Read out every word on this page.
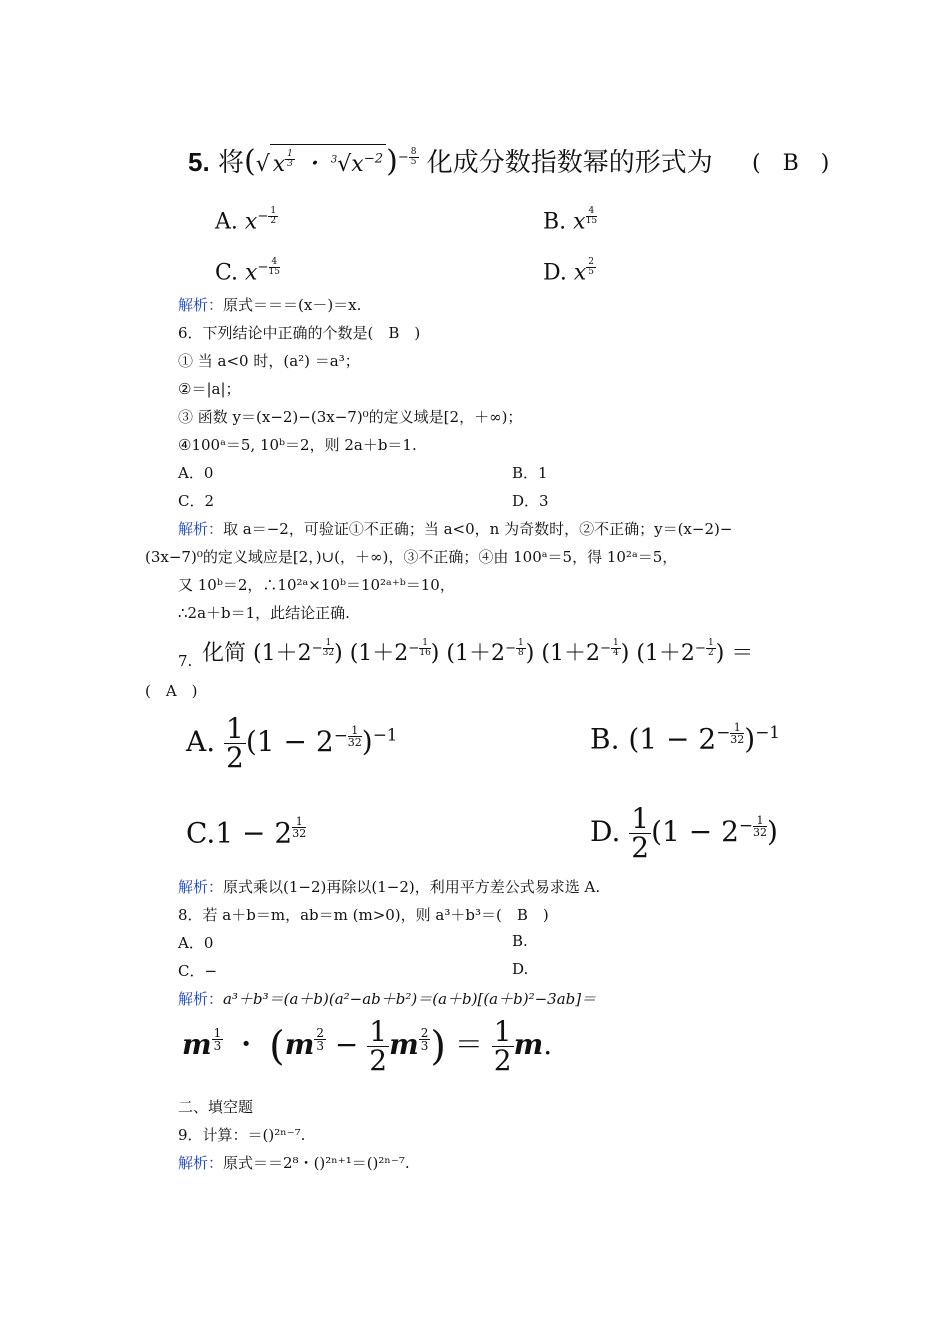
5. 将(√ x $^{\frac{1}{3}}$ ・ $^3√x^{-2}$ )$^{- \frac{8}{5}}$ 化成分数指数幂的形式为 (　B　)
A. $x^{- \frac{1}{2}}$	B. x $^{\frac{4}{15}}$
C. $x^{- \frac{4}{15}}$	D. x $^{\frac{2}{5}}$
解析：原式＝＝＝(x－)＝x.
6．下列结论中正确的个数是(　B　)
① 当 a<0 时，(a²) ＝a³；
②＝|a|；
③ 函数 y＝(x−2)−(3x−7)⁰的定义域是[2，＋∞)；
④100ᵃ＝5, 10ᵇ＝2，则 2a＋b＝1.
A．0	B．1
C．2	D．3
解析：取 a＝−2，可验证①不正确；当 a<0，n 为奇数时，②不正确；y＝(x−2)−
(3x−7)⁰的定义域应是[2，)∪(，＋∞)，③不正确；④由 100ᵃ＝5，得 10²ᵃ＝5，
又 10ᵇ＝2，∴10²ᵃ×10ᵇ＝10²ᵃ⁺ᵇ＝10，
∴2a＋b＝1，此结论正确.
7. 化简 ($1+2^{- \frac{1}{32}}$ ) ($1+2^{- \frac{1}{16}}$ ) ($1+2^{- \frac{1}{8}}$ ) ($1+2^{- \frac{1}{4}}$ ) ($1+2^{- \frac{1}{2}}$ ) ＝
(　A　)
A. $\frac{1}{2} (1 - 2^{- \frac{1}{32}}$ )$^{-1}$	B. ($1 - 2^{- \frac{1}{32}}$ )$^{-1}$
C.1 − 2 $^{\frac{1}{32}}$	D. $\frac{1}{2} (1 - 2^{- \frac{1}{32}}$ )
解析：原式乘以(1−2)再除以(1−2)，利用平方差公式易求选 A.
8．若 a＋b＝m，ab＝m (m>0)，则 a³＋b³＝(　B　)
A．0	B.
C．−	D.
解析：a³＋b³＝(a＋b)(a²−ab＋b²)＝(a＋b)[(a＋b)²−3ab]＝
m $^{\frac{1}{3}}$ ・ (m $^{\frac{2}{3}} - \frac{1}{2}$ m $^{\frac{2}{3}}$ ) ＝ $\frac{1}{2} m$.
二、填空题
9．计算：＝()²ⁿ⁻⁷.
解析：原式＝＝2⁸・()²ⁿ⁺¹＝()²ⁿ⁻⁷.
